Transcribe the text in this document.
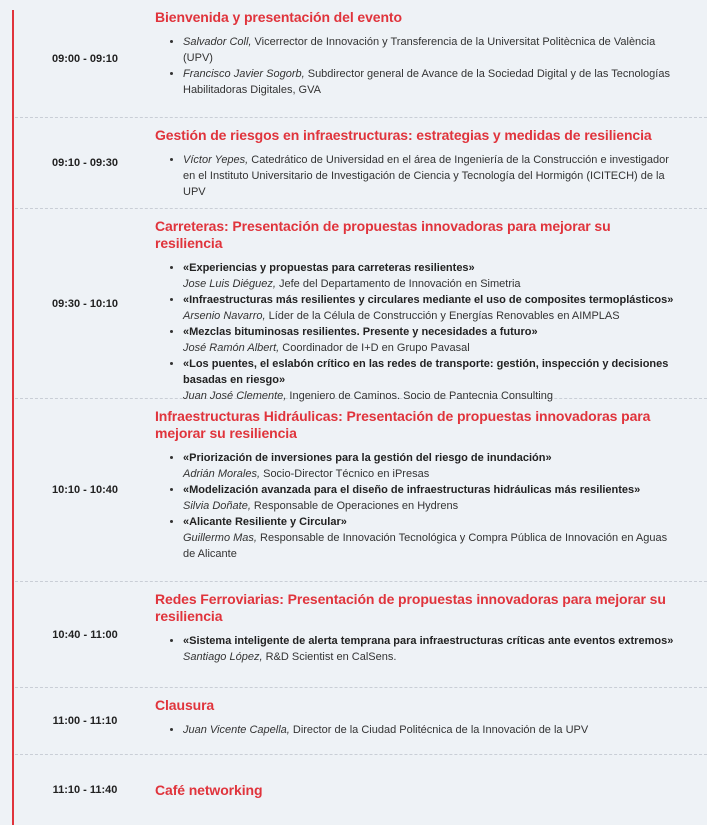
09:00 - 09:10
Bienvenida y presentación del evento
• Salvador Coll, Vicerrector de Innovación y Transferencia de la Universitat Politècnica de València (UPV)
• Francisco Javier Sogorb, Subdirector general de Avance de la Sociedad Digital y de las Tecnologías Habilitadoras Digitales, GVA
09:10 - 09:30
Gestión de riesgos en infraestructuras: estrategias y medidas de resiliencia
• Víctor Yepes, Catedrático de Universidad en el área de Ingeniería de la Construcción e investigador en el Instituto Universitario de Investigación de Ciencia y Tecnología del Hormigón (ICITECH) de la UPV
09:30 - 10:10
Carreteras: Presentación de propuestas innovadoras para mejorar su resiliencia
• «Experiencias y propuestas para carreteras resilientes»
Jose Luis Diéguez, Jefe del Departamento de Innovación en Simetria
• «Infraestructuras más resilientes y circulares mediante el uso de composites termoplásticos»
Arsenio Navarro, Líder de la Célula de Construcción y Energías Renovables en AIMPLAS
• «Mezclas bituminosas resilientes. Presente y necesidades a futuro»
José Ramón Albert, Coordinador de I+D en Grupo Pavasal
• «Los puentes, el eslabón crítico en las redes de transporte: gestión, inspección y decisiones basadas en riesgo»
Juan José Clemente, Ingeniero de Caminos. Socio de Pantecnia Consulting
10:10 - 10:40
Infraestructuras Hidráulicas: Presentación de propuestas innovadoras para mejorar su resiliencia
• «Priorización de inversiones para la gestión del riesgo de inundación»
Adrián Morales, Socio-Director Técnico en iPresas
• «Modelización avanzada para el diseño de infraestructuras hidráulicas más resilientes»
Silvia Doñate, Responsable de Operaciones en Hydrens
• «Alicante Resiliente y Circular»
Guillermo Mas, Responsable de Innovación Tecnológica y Compra Pública de Innovación en Aguas de Alicante
10:40 - 11:00
Redes Ferroviarias: Presentación de propuestas innovadoras para mejorar su resiliencia
• «Sistema inteligente de alerta temprana para infraestructuras críticas ante eventos extremos»
Santiago López, R&D Scientist en CalSens.
11:00 - 11:10
Clausura
• Juan Vicente Capella, Director de la Ciudad Politécnica de la Innovación de la UPV
11:10 - 11:40	Café networking
